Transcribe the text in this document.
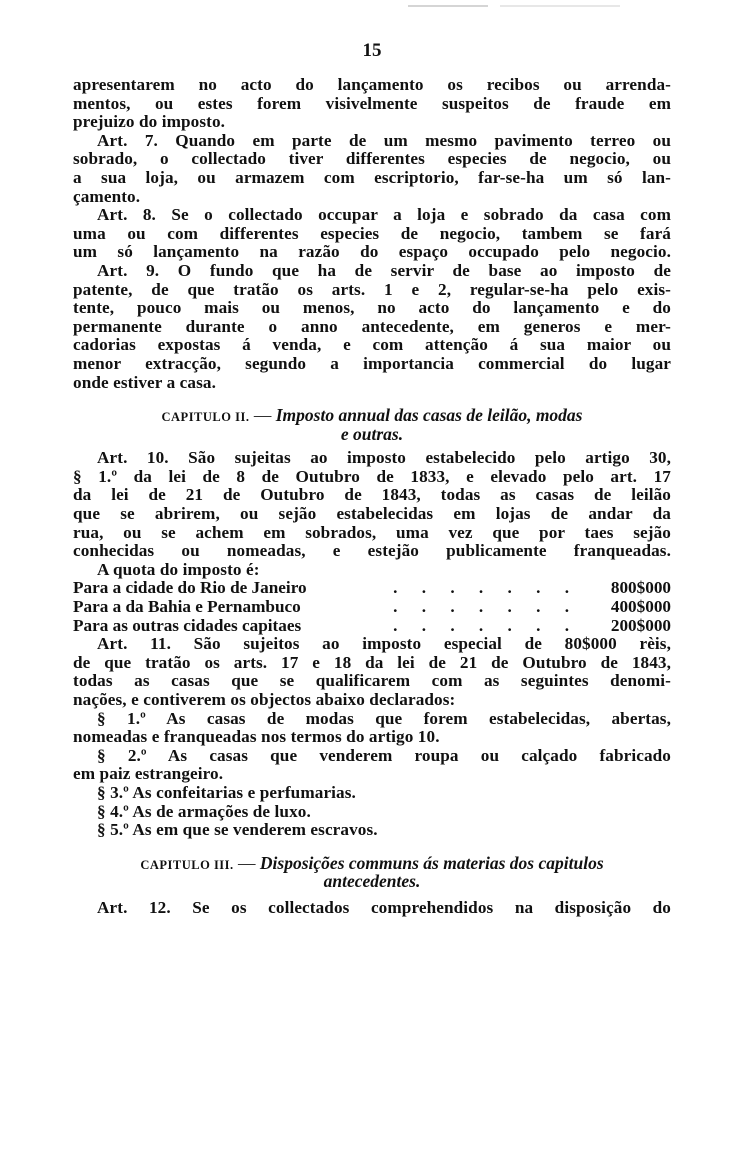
15
apresentarem no acto do lançamento os recibos ou arrenda-
mentos, ou estes forem visivelmente suspeitos de fraude em
prejuizo do imposto.
Art. 7. Quando em parte de um mesmo pavimento terreo ou
sobrado, o collectado tiver differentes especies de negocio, ou
a sua loja, ou armazem com escriptorio, far-se-ha um só lan-
çamento.
Art. 8. Se o collectado occupar a loja e sobrado da casa com
uma ou com differentes especies de negocio, tambem se fará
um só lançamento na razão do espaço occupado pelo negocio.
Art. 9. O fundo que ha de servir de base ao imposto de
patente, de que tratão os arts. 1 e 2, regular-se-ha pelo exis-
tente, pouco mais ou menos, no acto do lançamento e do
permanente durante o anno antecedente, em generos e mer-
cadorias expostas á venda, e com attenção á sua maior ou
menor extracção, segundo a importancia commercial do lugar
onde estiver a casa.
CAPITULO II. — Imposto annual das casas de leilão, modas
e outras.
Art. 10. São sujeitas ao imposto estabelecido pelo artigo 30,
§ 1.º da lei de 8 de Outubro de 1833, e elevado pelo art. 17
da lei de 21 de Outubro de 1843, todas as casas de leilão
que se abrirem, ou sejão estabelecidas em lojas de andar da
rua, ou se achem em sobrados, uma vez que por taes sejão
conhecidas ou nomeadas, e estejão publicamente franqueadas.
A quota do imposto é:
Para a cidade do Rio de Janeiro	. . . . . . .	800$000
Para a da Bahia e Pernambuco	. . . . . . .	400$000
Para as outras cidades capitaes	. . . . . . .	200$000
Art. 11. São sujeitos ao imposto especial de 80$000 rèis,
de que tratão os arts. 17 e 18 da lei de 21 de Outubro de 1843,
todas as casas que se qualificarem com as seguintes denomi-
nações, e contiverem os objectos abaixo declarados:
§ 1.º As casas de modas que forem estabelecidas, abertas,
nomeadas e franqueadas nos termos do artigo 10.
§ 2.º As casas que venderem roupa ou calçado fabricado
em paiz estrangeiro.
§ 3.º As confeitarias e perfumarias.
§ 4.º As de armações de luxo.
§ 5.º As em que se venderem escravos.
CAPITULO III. — Disposições communs ás materias dos capitulos
antecedentes.
Art. 12. Se os collectados comprehendidos na disposição do
